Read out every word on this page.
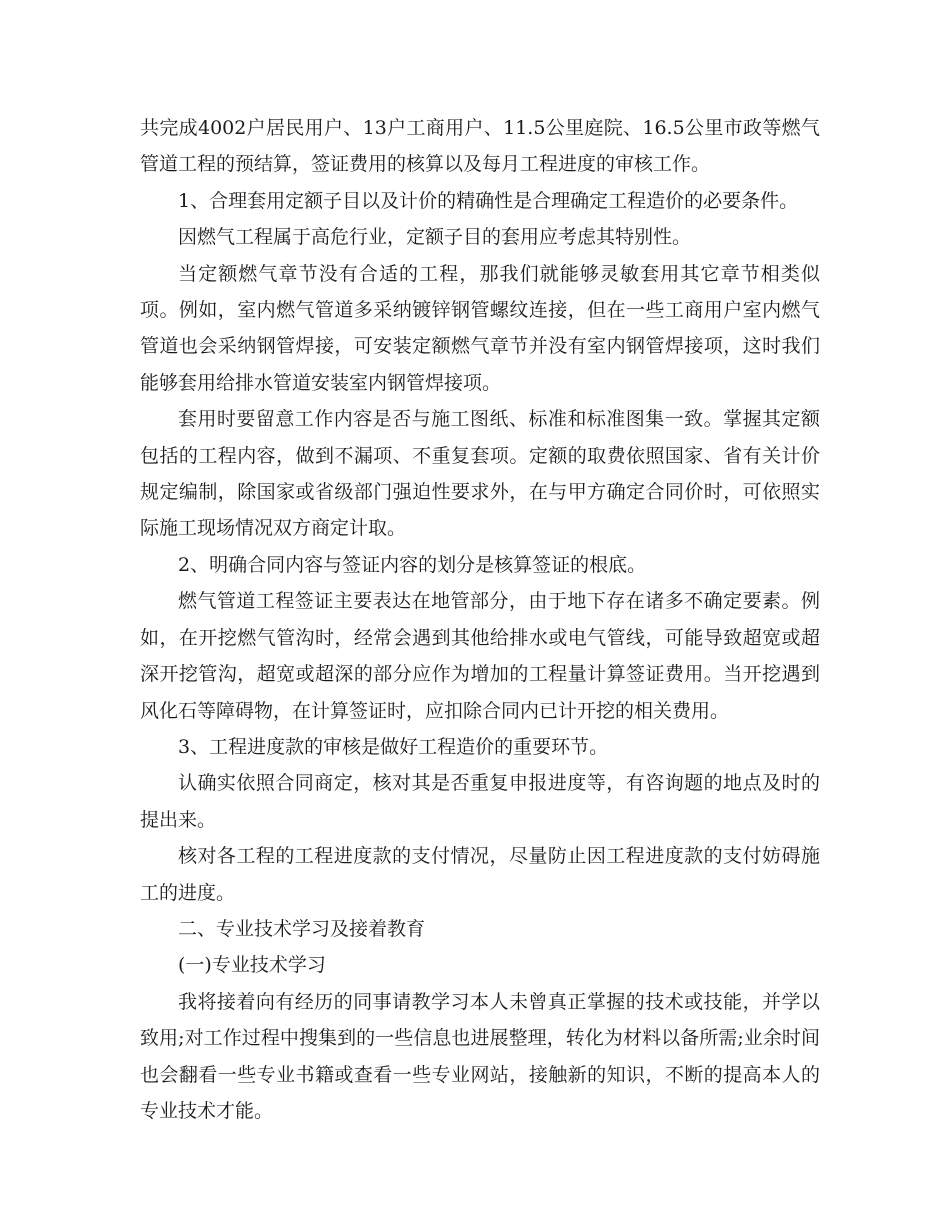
共完成4002户居民用户、13户工商用户、11.5公里庭院、16.5公里市政等燃气管道工程的预结算，签证费用的核算以及每月工程进度的审核工作。

1、合理套用定额子目以及计价的精确性是合理确定工程造价的必要条件。

因燃气工程属于高危行业，定额子目的套用应考虑其特别性。

当定额燃气章节没有合适的工程，那我们就能够灵敏套用其它章节相类似项。例如，室内燃气管道多采纳镀锌钢管螺纹连接，但在一些工商用户室内燃气管道也会采纳钢管焊接，可安装定额燃气章节并没有室内钢管焊接项，这时我们能够套用给排水管道安装室内钢管焊接项。

套用时要留意工作内容是否与施工图纸、标准和标准图集一致。掌握其定额包括的工程内容，做到不漏项、不重复套项。定额的取费依照国家、省有关计价规定编制，除国家或省级部门强迫性要求外，在与甲方确定合同价时，可依照实际施工现场情况双方商定计取。

2、明确合同内容与签证内容的划分是核算签证的根底。

燃气管道工程签证主要表达在地管部分，由于地下存在诸多不确定要素。例如，在开挖燃气管沟时，经常会遇到其他给排水或电气管线，可能导致超宽或超深开挖管沟，超宽或超深的部分应作为增加的工程量计算签证费用。当开挖遇到风化石等障碍物，在计算签证时，应扣除合同内已计开挖的相关费用。

3、工程进度款的审核是做好工程造价的重要环节。

认确实依照合同商定，核对其是否重复申报进度等，有咨询题的地点及时的提出来。

核对各工程的工程进度款的支付情况，尽量防止因工程进度款的支付妨碍施工的进度。

二、专业技术学习及接着教育

(一)专业技术学习

我将接着向有经历的同事请教学习本人未曾真正掌握的技术或技能，并学以致用;对工作过程中搜集到的一些信息也进展整理，转化为材料以备所需;业余时间也会翻看一些专业书籍或查看一些专业网站，接触新的知识，不断的提高本人的专业技术才能。
